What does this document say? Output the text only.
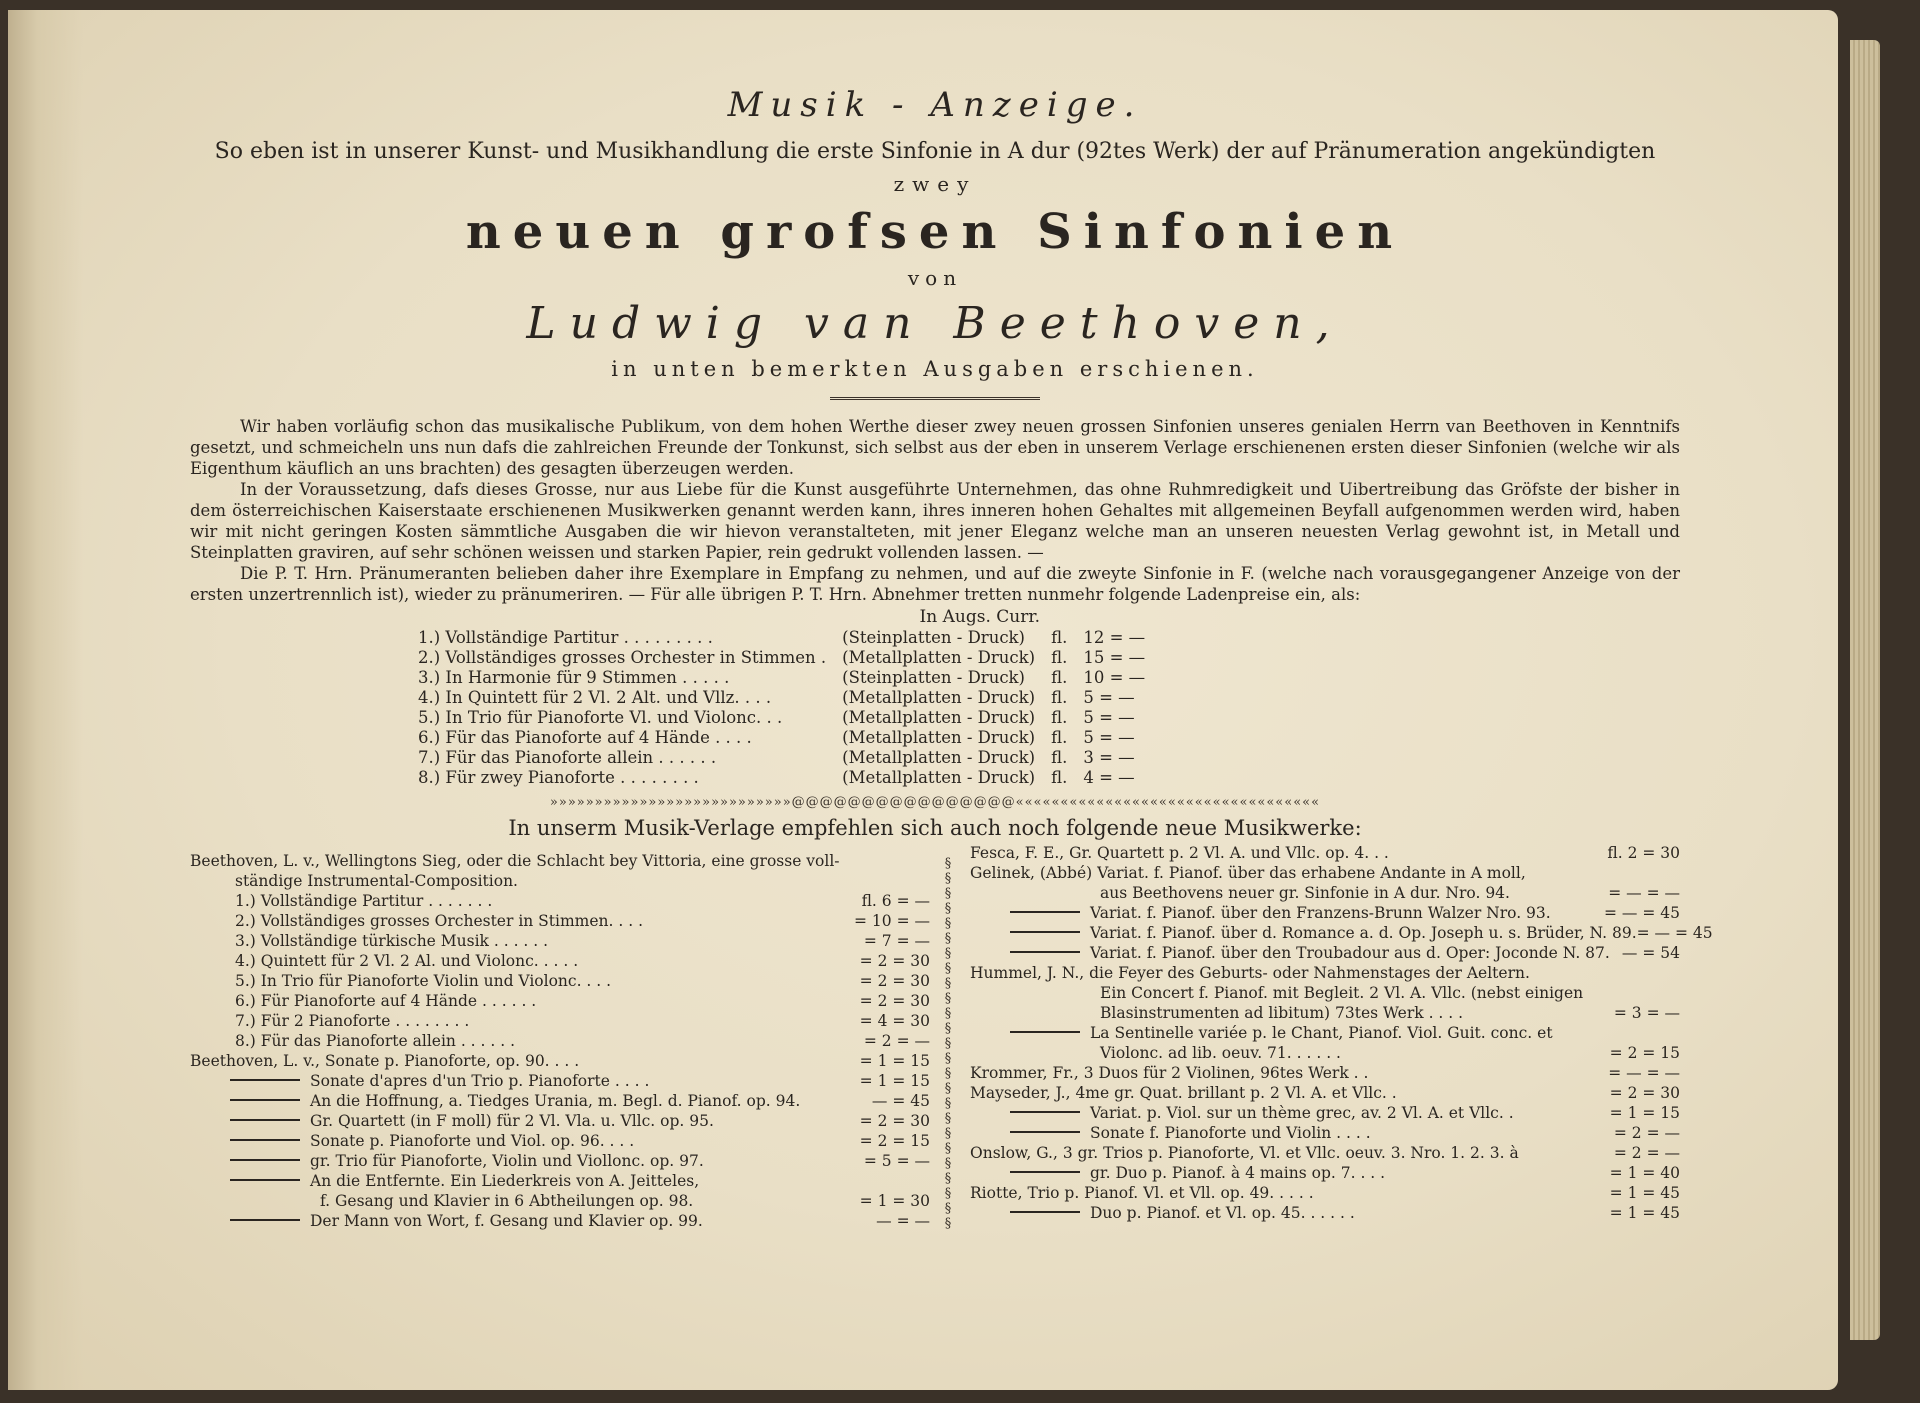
Musik - Anzeige.

So eben ist in unserer Kunst- und Musikhandlung die erste Sinfonie in A dur (92tes Werk) der auf Pränumeration angekündigten

zwey
neuen grofsen Sinfonien
von
Ludwig van Beethoven,
in unten bemerkten Ausgaben erschienen.

Wir haben vorläufig schon das musikalische Publikum, von dem hohen Werthe dieser zwey neuen grossen Sinfonien unseres genialen Herrn van Beethoven in Kenntnifs gesetzt, und schmeicheln uns nun dafs die zahlreichen Freunde der Tonkunst, sich selbst aus der eben in unserem Verlage erschienenen ersten dieser Sinfonien (welche wir als Eigenthum käuflich an uns brachten) des gesagten überzeugen werden.

In der Voraussetzung, dafs dieses Grosse, nur aus Liebe für die Kunst ausgeführte Unternehmen, das ohne Ruhmredigkeit und Uibertreibung das Gröfste der bisher in dem österreichischen Kaiserstaate erschienenen Musikwerken genannt werden kann, ihres inneren hohen Gehaltes mit allgemeinen Beyfall aufgenommen werden wird, haben wir mit nicht geringen Kosten sämmtliche Ausgaben die wir hievon veranstalteten, mit jener Eleganz welche man an unseren neuesten Verlag gewohnt ist, in Metall und Steinplatten graviren, auf sehr schönen weissen und starken Papier, rein gedrukt vollenden lassen. —

Die P. T. Hrn. Pränumeranten belieben daher ihre Exemplare in Empfang zu nehmen, und auf die zweyte Sinfonie in F. (welche nach vorausgegangener Anzeige von der ersten unzertrennlich ist), wieder zu pränumeriren. — Für alle übrigen P. T. Hrn. Abnehmer tretten nunmehr folgende Ladenpreise ein, als:

In Augs. Curr.

1.) Vollständige Partitur . . . . . . . . .	(Steinplatten - Druck)	fl.	12 = —
2.) Vollständiges grosses Orchester in Stimmen .	(Metallplatten - Druck)	fl.	15 = —
3.) In Harmonie für 9 Stimmen . . . . .	(Steinplatten - Druck)	fl.	10 = —
4.) In Quintett für 2 Vl. 2 Alt. und Vllz. . . .	(Metallplatten - Druck)	fl.	5 = —
5.) In Trio für Pianoforte Vl. und Violonc. . .	(Metallplatten - Druck)	fl.	5 = —
6.) Für das Pianoforte auf 4 Hände . . . .	(Metallplatten - Druck)	fl.	5 = —
7.) Für das Pianoforte allein . . . . . .	(Metallplatten - Druck)	fl.	3 = —
8.) Für zwey Pianoforte . . . . . . . .	(Metallplatten - Druck)	fl.	4 = —
»»»»»»»»»»»»»»»»»»»»»»»»»»»@@@@@@@@@@@@@@@@««««««««««««««««««««««««««««««««««
In unserm Musik-Verlage empfehlen sich auch noch folgende neue Musikwerke:
Beethoven, L. v., Wellingtons Sieg, oder die Schlacht bey Vittoria, eine grosse voll-
ständige Instrumental-Composition.
1.) Vollständige Partitur . . . . . . .	fl. 6 = —
2.) Vollständiges grosses Orchester in Stimmen. . . .	= 10 = —
3.) Vollständige türkische Musik . . . . . .	= 7 = —
4.) Quintett für 2 Vl. 2 Al. und Violonc. . . . .	= 2 = 30
5.) In Trio für Pianoforte Violin und Violonc. . . .	= 2 = 30
6.) Für Pianoforte auf 4 Hände . . . . . .	= 2 = 30
7.) Für 2 Pianoforte . . . . . . . .	= 4 = 30
8.) Für das Pianoforte allein . . . . . .	= 2 = —
Beethoven, L. v., Sonate p. Pianoforte, op. 90. . . .	= 1 = 15
Sonate d'apres d'un Trio p. Pianoforte . . . .	= 1 = 15
An die Hoffnung, a. Tiedges Urania, m. Begl. d. Pianof. op. 94.	— = 45
Gr. Quartett (in F moll) für 2 Vl. Vla. u. Vllc. op. 95.	= 2 = 30
Sonate p. Pianoforte und Viol. op. 96. . . .	= 2 = 15
gr. Trio für Pianoforte, Violin und Viollonc. op. 97.	= 5 = —
An die Entfernte. Ein Liederkreis von A. Jeitteles,
f. Gesang und Klavier in 6 Abtheilungen op. 98.	= 1 = 30
Der Mann von Wort, f. Gesang und Klavier op. 99.	— = —
§
§
§
§
§
§
§
§
§
§
§
§
§
§
§
§
§
§
§
§
§
§
§
§
§
Fesca, F. E., Gr. Quartett p. 2 Vl. A. und Vllc. op. 4. . .	fl. 2 = 30
Gelinek, (Abbé) Variat. f. Pianof. über das erhabene Andante in A moll,
aus Beethovens neuer gr. Sinfonie in A dur. Nro. 94.	= — = —
Variat. f. Pianof. über den Franzens-Brunn Walzer Nro. 93.	= — = 45
Variat. f. Pianof. über d. Romance a. d. Op. Joseph u. s. Brüder, N. 89. = — = 45
Variat. f. Pianof. über den Troubadour aus d. Oper: Joconde N. 87. — = 54
Hummel, J. N., die Feyer des Geburts- oder Nahmenstages der Aeltern.
Ein Concert f. Pianof. mit Begleit. 2 Vl. A. Vllc. (nebst einigen
Blasinstrumenten ad libitum) 73tes Werk . . . .	= 3 = —
La Sentinelle variée p. le Chant, Pianof. Viol. Guit. conc. et
Violonc. ad lib. oeuv. 71. . . . . .	= 2 = 15
Krommer, Fr., 3 Duos für 2 Violinen, 96tes Werk . .	= — = —
Mayseder, J., 4me gr. Quat. brillant p. 2 Vl. A. et Vllc. .	= 2 = 30
Variat. p. Viol. sur un thème grec, av. 2 Vl. A. et Vllc. .	= 1 = 15
Sonate f. Pianoforte und Violin . . . .	= 2 = —
Onslow, G., 3 gr. Trios p. Pianoforte, Vl. et Vllc. oeuv. 3. Nro. 1. 2. 3. à	= 2 = —
gr. Duo p. Pianof. à 4 mains op. 7. . . .	= 1 = 40
Riotte, Trio p. Pianof. Vl. et Vll. op. 49. . . . .	= 1 = 45
Duo p. Pianof. et Vl. op. 45. . . . . .	= 1 = 45
